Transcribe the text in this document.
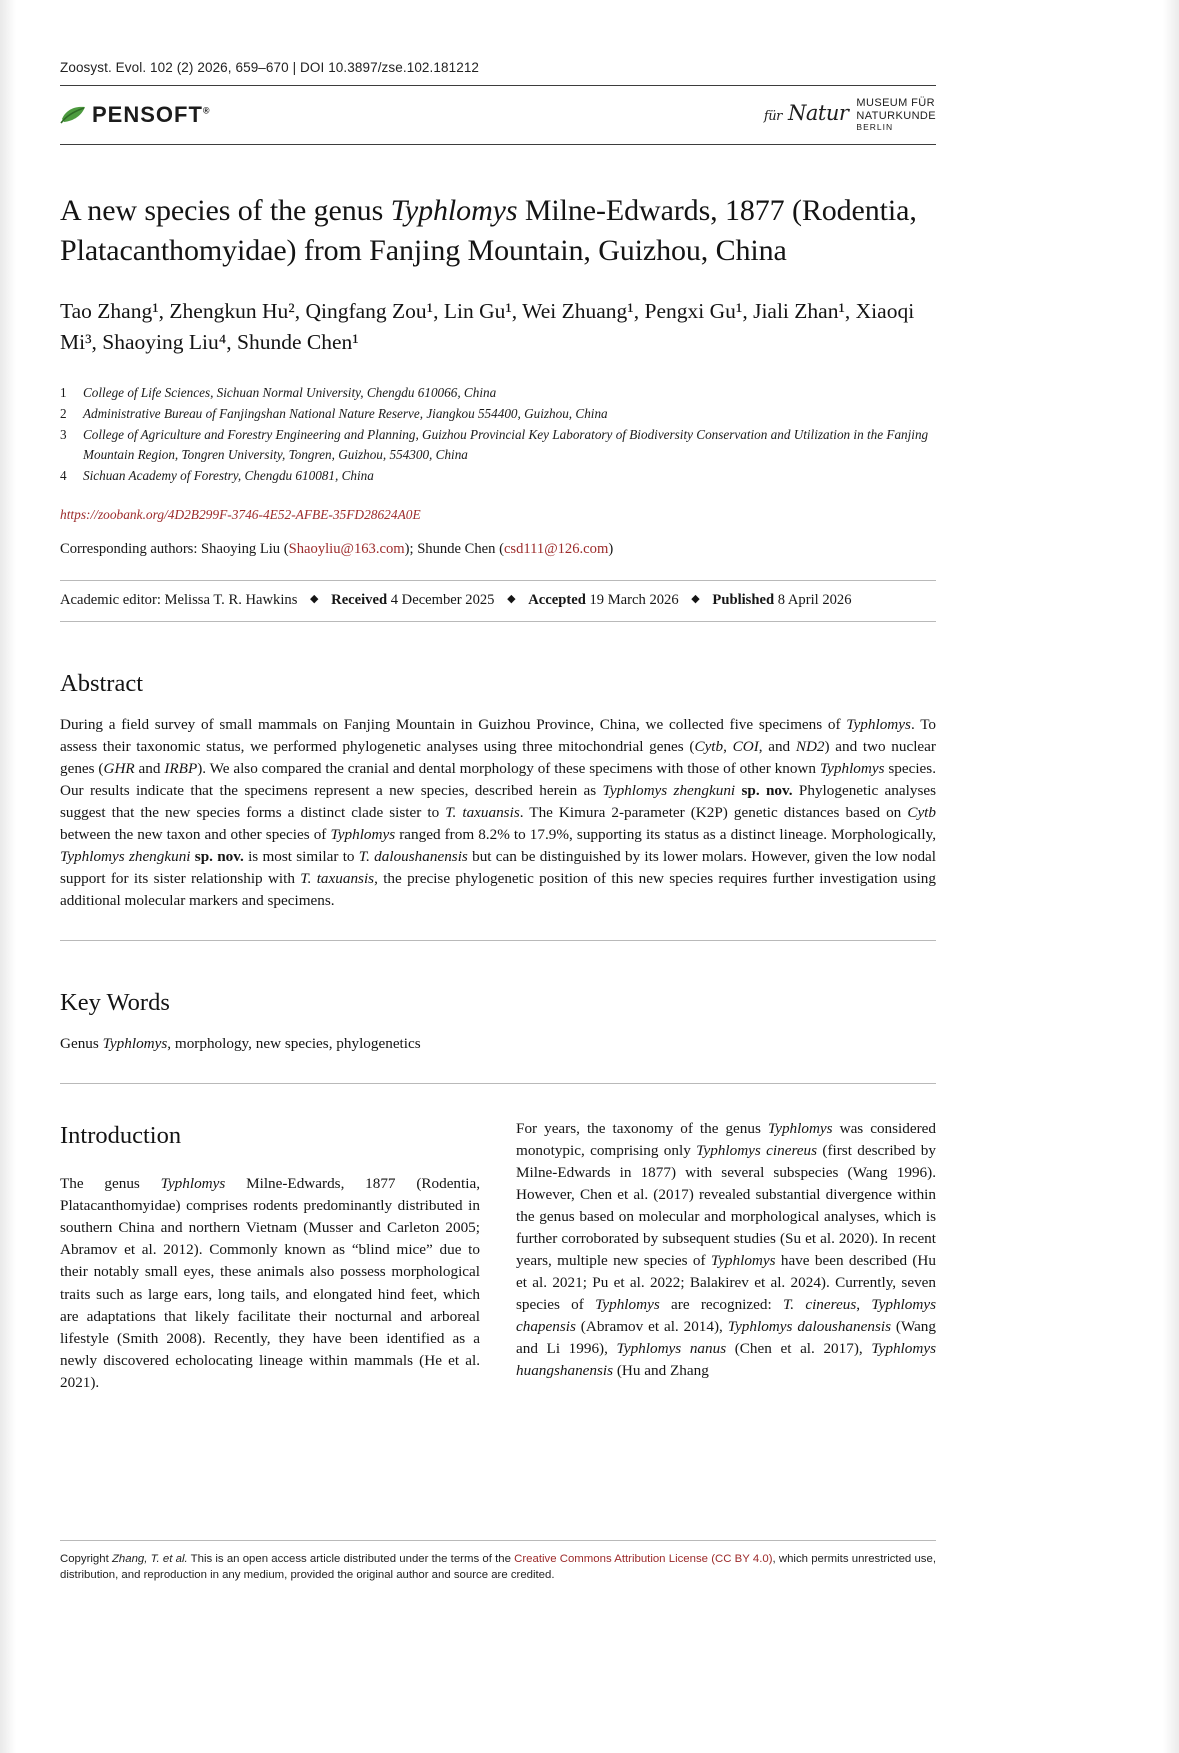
Zoosyst. Evol. 102 (2) 2026, 659–670 | DOI 10.3897/zse.102.181212
PENSOFT®	für Natur MUSEUM FÜR
NATURKUNDE
BERLIN
A new species of the genus Typhlomys Milne-Edwards, 1877 (Rodentia, Platacanthomyidae) from Fanjing Mountain, Guizhou, China
Tao Zhang¹, Zhengkun Hu², Qingfang Zou¹, Lin Gu¹, Wei Zhuang¹, Pengxi Gu¹, Jiali Zhan¹, Xiaoqi Mi³, Shaoying Liu⁴, Shunde Chen¹
1	College of Life Sciences, Sichuan Normal University, Chengdu 610066, China
2	Administrative Bureau of Fanjingshan National Nature Reserve, Jiangkou 554400, Guizhou, China
3	College of Agriculture and Forestry Engineering and Planning, Guizhou Provincial Key Laboratory of Biodiversity Conservation and Utilization in the Fanjing Mountain Region, Tongren University, Tongren, Guizhou, 554300, China
4	Sichuan Academy of Forestry, Chengdu 610081, China
https://zoobank.org/4D2B299F-3746-4E52-AFBE-35FD28624A0E
Corresponding authors: Shaoying Liu (Shaoyliu@163.com); Shunde Chen (csd111@126.com)
Academic editor: Melissa T. R. Hawkins ◆ Received 4 December 2025 ◆ Accepted 19 March 2026 ◆ Published 8 April 2026
Abstract
During a field survey of small mammals on Fanjing Mountain in Guizhou Province, China, we collected five specimens of Typhlomys. To assess their taxonomic status, we performed phylogenetic analyses using three mitochondrial genes (Cytb, COI, and ND2) and two nuclear genes (GHR and IRBP). We also compared the cranial and dental morphology of these specimens with those of other known Typhlomys species. Our results indicate that the specimens represent a new species, described herein as Typhlomys zhengkuni sp. nov. Phylogenetic analyses suggest that the new species forms a distinct clade sister to T. taxuansis. The Kimura 2-parameter (K2P) genetic distances based on Cytb between the new taxon and other species of Typhlomys ranged from 8.2% to 17.9%, supporting its status as a distinct lineage. Morphologically, Typhlomys zhengkuni sp. nov. is most similar to T. daloushanensis but can be distinguished by its lower molars. However, given the low nodal support for its sister relationship with T. taxuansis, the precise phylogenetic position of this new species requires further investigation using additional molecular markers and specimens.
Key Words
Genus Typhlomys, morphology, new species, phylogenetics
Introduction

The genus Typhlomys Milne-Edwards, 1877 (Rodentia, Platacanthomyidae) comprises rodents predominantly distributed in southern China and northern Vietnam (Musser and Carleton 2005; Abramov et al. 2012). Commonly known as “blind mice” due to their notably small eyes, these animals also possess morphological traits such as large ears, long tails, and elongated hind feet, which are adaptations that likely facilitate their nocturnal and arboreal lifestyle (Smith 2008). Recently, they have been identified as a newly discovered echolocating lineage within mammals (He et al. 2021).

For years, the taxonomy of the genus Typhlomys was considered monotypic, comprising only Typhlomys cinereus (first described by Milne-Edwards in 1877) with several subspecies (Wang 1996). However, Chen et al. (2017) revealed substantial divergence within the genus based on molecular and morphological analyses, which is further corroborated by subsequent studies (Su et al. 2020). In recent years, multiple new species of Typhlomys have been described (Hu et al. 2021; Pu et al. 2022; Balakirev et al. 2024). Currently, seven species of Typhlomys are recognized: T. cinereus, Typhlomys chapensis (Abramov et al. 2014), Typhlomys daloushanensis (Wang and Li 1996), Typhlomys nanus (Chen et al. 2017), Typhlomys huangshanensis (Hu and Zhang

Copyright Zhang, T. et al. This is an open access article distributed under the terms of the Creative Commons Attribution License (CC BY 4.0), which permits unrestricted use, distribution, and reproduction in any medium, provided the original author and source are credited.
